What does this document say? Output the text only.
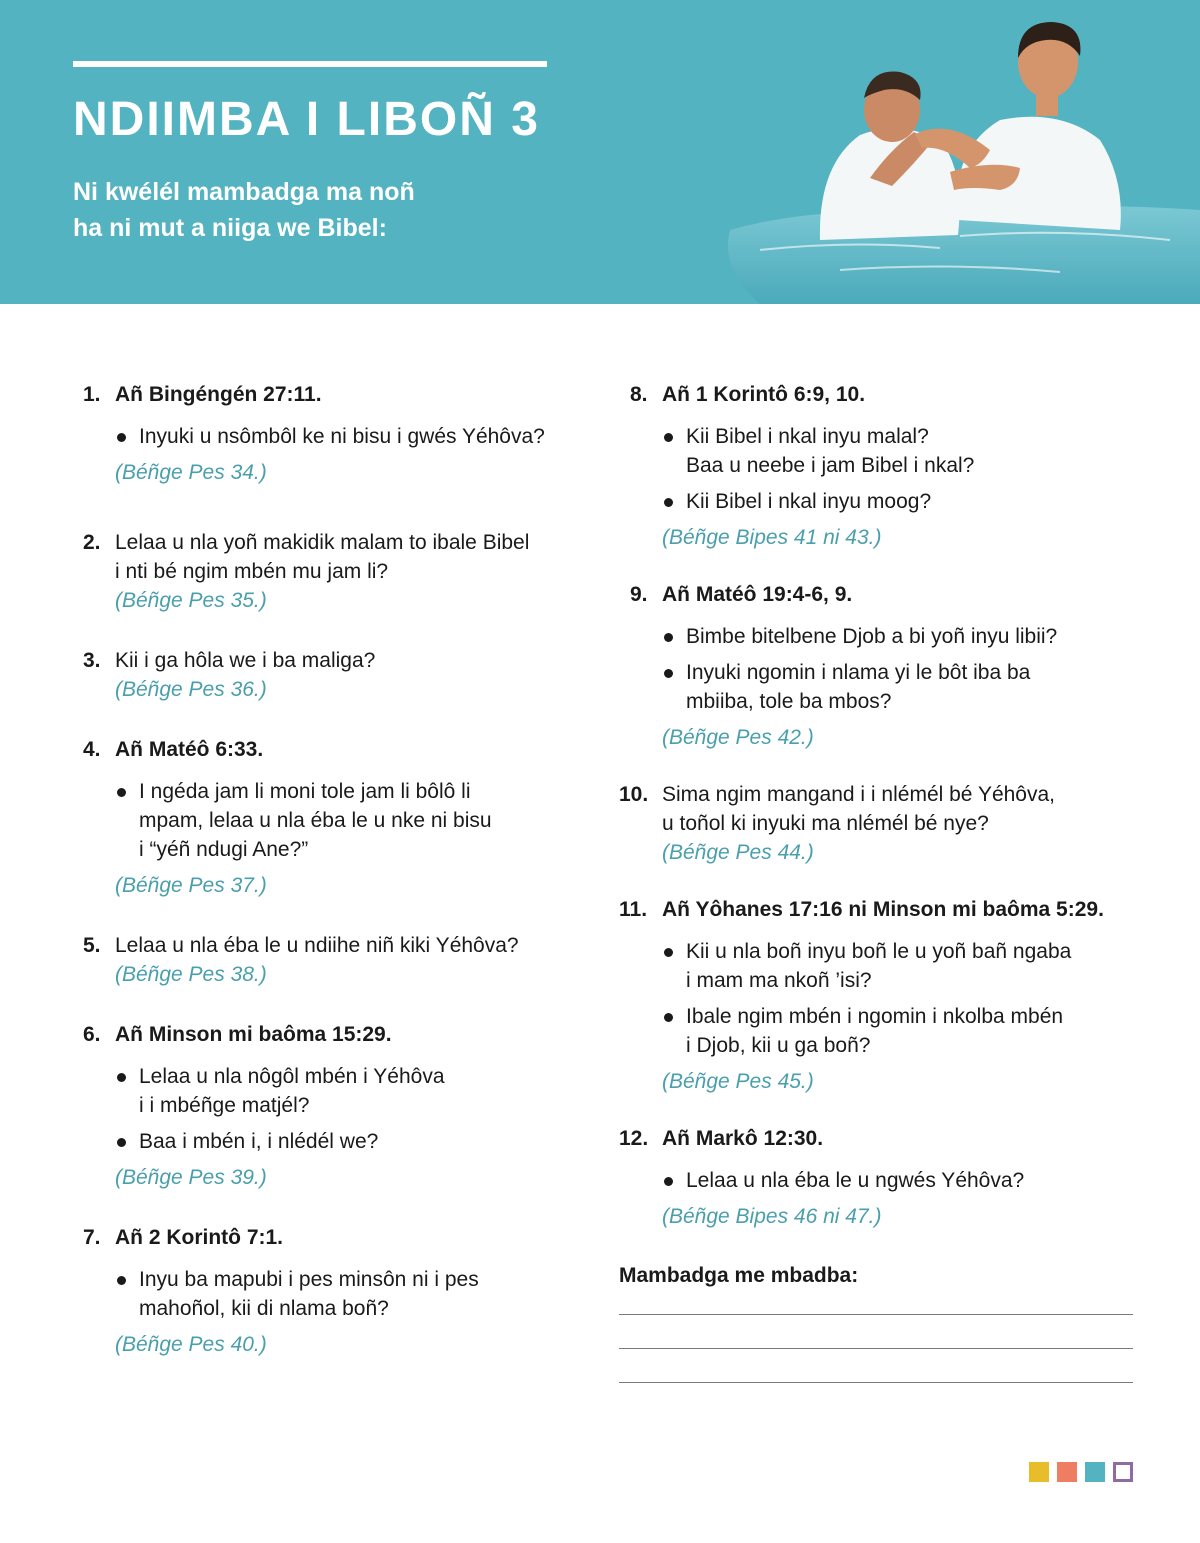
NDIIMBA I LIBOÑ 3

Ni kwélél mambadga ma noñ
ha ni mut a niiga we Bibel:

1. Añ Bingéngén 27:11.
Inyuki u nsômbôl ke ni bisu i gwés Yéhôva?
(Béñge Pes 34.)
2. Lelaa u nla yoñ makidik malam to ibale Bibel
i nti bé ngim mbén mu jam li?
(Béñge Pes 35.)
3. Kii i ga hôla we i ba maliga?
(Béñge Pes 36.)
4. Añ Matéô 6:33.
I ngéda jam li moni tole jam li bôlô li
mpam, lelaa u nla éba le u nke ni bisu
i “yéñ ndugi Ane?”
(Béñge Pes 37.)
5. Lelaa u nla éba le u ndiihe niñ kiki Yéhôva?
(Béñge Pes 38.)
6. Añ Minson mi baôma 15:29.
Lelaa u nla nôgôl mbén i Yéhôva
i i mbéñge matjél?
Baa i mbén i, i nlédél we?
(Béñge Pes 39.)
7. Añ 2 Korintô 7:1.
Inyu ba mapubi i pes minsôn ni i pes
mahoñol, kii di nlama boñ?
(Béñge Pes 40.)
8. Añ 1 Korintô 6:9, 10.
Kii Bibel i nkal inyu malal?
Baa u neebe i jam Bibel i nkal?
Kii Bibel i nkal inyu moog?
(Béñge Bipes 41 ni 43.)
9. Añ Matéô 19:4-6, 9.
Bimbe bitelbene Djob a bi yoñ inyu libii?
Inyuki ngomin i nlama yi le bôt iba ba
mbiiba, tole ba mbos?
(Béñge Pes 42.)
10. Sima ngim mangand i i nlémél bé Yéhôva,
u toñol ki inyuki ma nlémél bé nye?
(Béñge Pes 44.)
11. Añ Yôhanes 17:16 ni Minson mi baôma 5:29.
Kii u nla boñ inyu boñ le u yoñ bañ ngaba
i mam ma nkoñ ’isi?
Ibale ngim mbén i ngomin i nkolba mbén
i Djob, kii u ga boñ?
(Béñge Pes 45.)
12. Añ Markô 12:30.
Lelaa u nla éba le u ngwés Yéhôva?
(Béñge Bipes 46 ni 47.)
Mambadga me mbadba:
